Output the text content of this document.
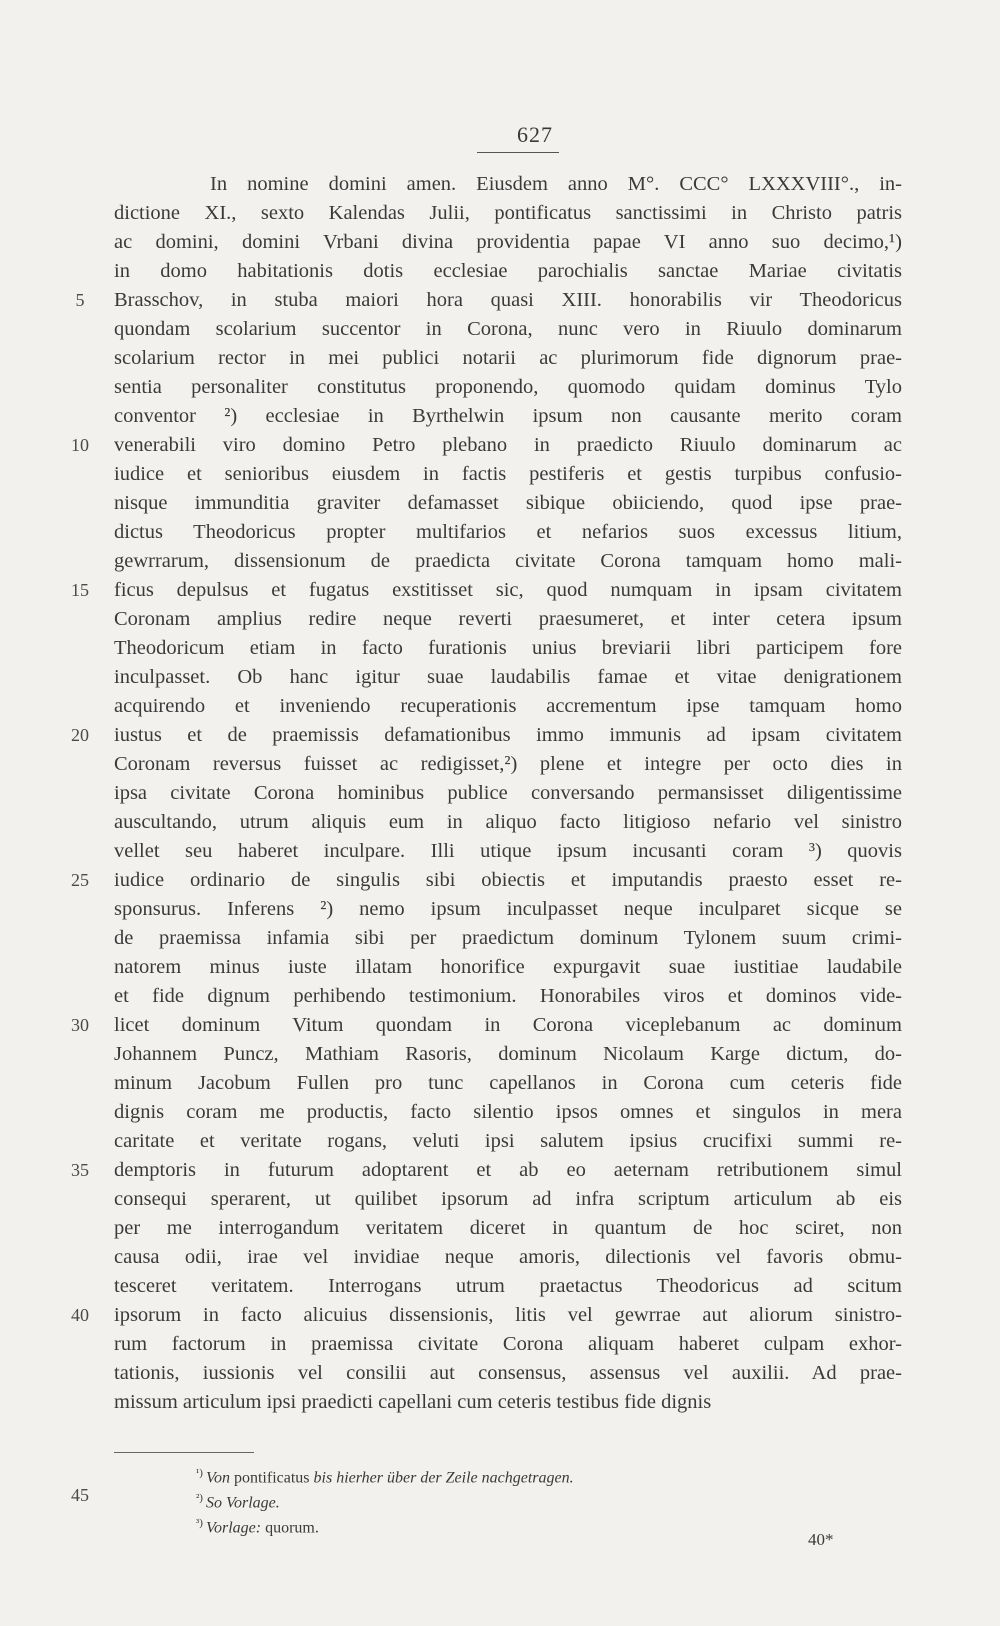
627
In nomine domini amen. Eiusdem anno M°. CCC° LXXXVIII°., in-
dictione XI., sexto Kalendas Julii, pontificatus sanctissimi in Christo patris
ac domini, domini Vrbani divina providentia papae VI anno suo decimo,¹)
in domo habitationis dotis ecclesiae parochialis sanctae Mariae civitatis
Brasschov, in stuba maiori hora quasi XIII. honorabilis vir Theodoricus
quondam scolarium succentor in Corona, nunc vero in Riuulo dominarum
scolarium rector in mei publici notarii ac plurimorum fide dignorum prae-
sentia personaliter constitutus proponendo, quomodo quidam dominus Tylo
conventor ²) ecclesiae in Byrthelwin ipsum non causante merito coram
venerabili viro domino Petro plebano in praedicto Riuulo dominarum ac
iudice et senioribus eiusdem in factis pestiferis et gestis turpibus confusio-
nisque immunditia graviter defamasset sibique obiiciendo, quod ipse prae-
dictus Theodoricus propter multifarios et nefarios suos excessus litium,
gewrrarum, dissensionum de praedicta civitate Corona tamquam homo mali-
ficus depulsus et fugatus exstitisset sic, quod numquam in ipsam civitatem
Coronam amplius redire neque reverti praesumeret, et inter cetera ipsum
Theodoricum etiam in facto furationis unius breviarii libri participem fore
inculpasset. Ob hanc igitur suae laudabilis famae et vitae denigrationem
acquirendo et inveniendo recuperationis accrementum ipse tamquam homo
iustus et de praemissis defamationibus immo immunis ad ipsam civitatem
Coronam reversus fuisset ac redigisset,²) plene et integre per octo dies in
ipsa civitate Corona hominibus publice conversando permansisset diligentissime
auscultando, utrum aliquis eum in aliquo facto litigioso nefario vel sinistro
vellet seu haberet inculpare. Illi utique ipsum incusanti coram ³) quovis
iudice ordinario de singulis sibi obiectis et imputandis praesto esset re-
sponsurus. Inferens ²) nemo ipsum inculpasset neque inculparet sicque se
de praemissa infamia sibi per praedictum dominum Tylonem suum crimi-
natorem minus iuste illatam honorifice expurgavit suae iustitiae laudabile
et fide dignum perhibendo testimonium. Honorabiles viros et dominos vide-
licet dominum Vitum quondam in Corona viceplebanum ac dominum
Johannem Puncz, Mathiam Rasoris, dominum Nicolaum Karge dictum, do-
minum Jacobum Fullen pro tunc capellanos in Corona cum ceteris fide
dignis coram me productis, facto silentio ipsos omnes et singulos in mera
caritate et veritate rogans, veluti ipsi salutem ipsius crucifixi summi re-
demptoris in futurum adoptarent et ab eo aeternam retributionem simul
consequi sperarent, ut quilibet ipsorum ad infra scriptum articulum ab eis
per me interrogandum veritatem diceret in quantum de hoc sciret, non
causa odii, irae vel invidiae neque amoris, dilectionis vel favoris obmu-
tesceret veritatem. Interrogans utrum praetactus Theodoricus ad scitum
ipsorum in facto alicuius dissensionis, litis vel gewrrae aut aliorum sinistro-
rum factorum in praemissa civitate Corona aliquam haberet culpam exhor-
tationis, iussionis vel consilii aut consensus, assensus vel auxilii. Ad prae-
missum articulum ipsi praedicti capellani cum ceteris testibus fide dignis
5
10
15
20
25
30
35
40
45
$^{^1)}$ Von pontificatus bis hierher über der Zeile nachgetragen.
$^{^2)}$ So Vorlage.
$^{^3)}$ Vorlage: quorum.
40*
